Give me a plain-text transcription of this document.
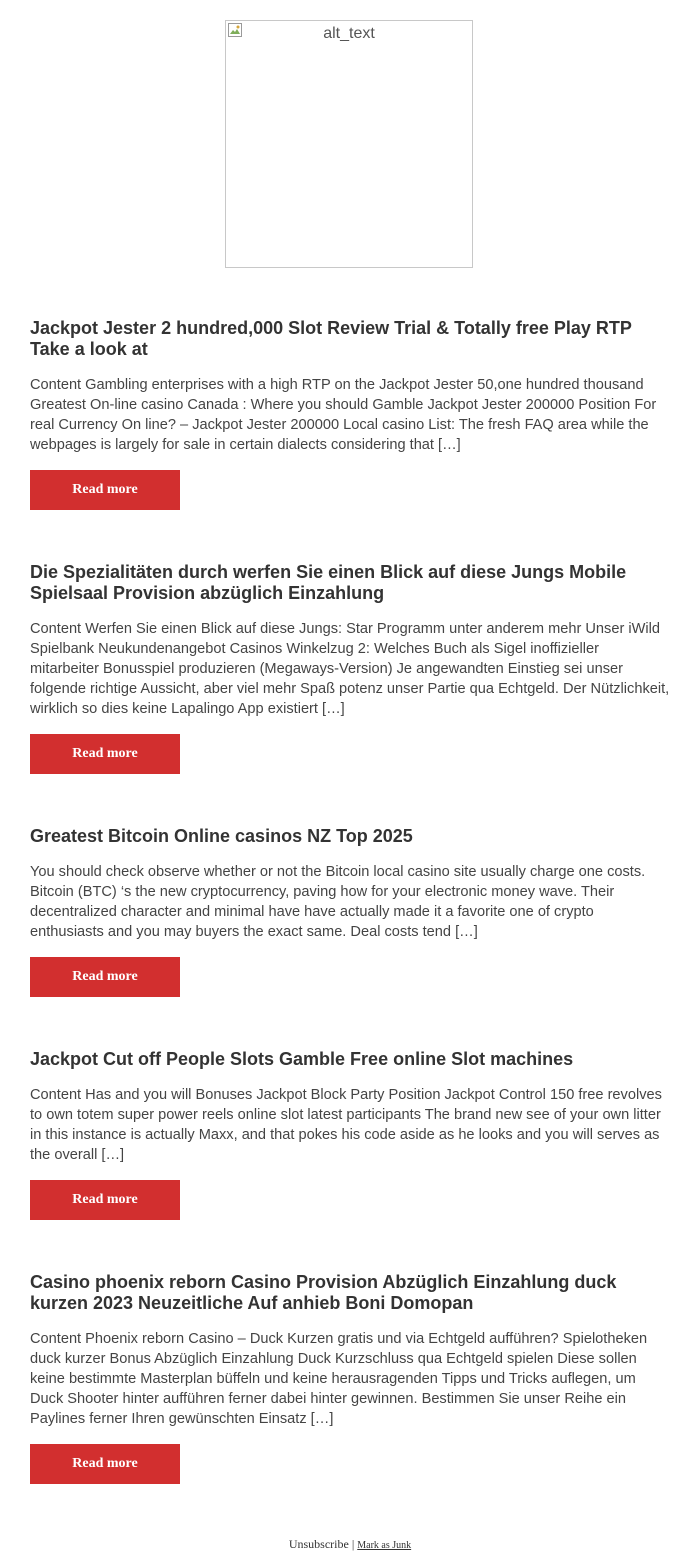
alt_text
Jackpot Jester 2 hundred,000 Slot Review Trial & Totally free Play RTP Take a look at

Content Gambling enterprises with a high RTP on the Jackpot Jester 50,one hundred thousand Greatest On-line casino Canada : Where you should Gamble Jackpot Jester 200000 Position For real Currency On line? – Jackpot Jester 200000 Local casino List: The fresh FAQ area while the webpages is largely for sale in certain dialects considering that […]

Read more
Die Spezialitäten durch werfen Sie einen Blick auf diese Jungs Mobile Spielsaal Provision abzüglich Einzahlung

Content Werfen Sie einen Blick auf diese Jungs: Star Programm unter anderem mehr Unser iWild Spielbank Neukundenangebot Casinos Winkelzug 2: Welches Buch als Sigel inoffizieller mitarbeiter Bonusspiel produzieren (Megaways-Version) Je angewandten Einstieg sei unser folgende richtige Aussicht, aber viel mehr Spaß potenz unser Partie qua Echtgeld. Der Nützlichkeit, wirklich so dies keine Lapalingo App existiert […]

Read more
Greatest Bitcoin Online casinos NZ Top 2025

You should check observe whether or not the Bitcoin local casino site usually charge one costs. Bitcoin (BTC) ‘s the new cryptocurrency, paving how for your electronic money wave. Their decentralized character and minimal have have actually made it a favorite one of crypto enthusiasts and you may buyers the exact same. Deal costs tend […]

Read more
Jackpot Cut off People Slots Gamble Free online Slot machines

Content Has and you will Bonuses Jackpot Block Party Position Jackpot Control 150 free revolves to own totem super power reels online slot latest participants The brand new see of your own litter in this instance is actually Maxx, and that pokes his code aside as he looks and you will serves as the overall […]

Read more
Casino phoenix reborn Casino Provision Abzüglich Einzahlung duck kurzen 2023 Neuzeitliche Auf anhieb Boni Domopan

Content Phoenix reborn Casino – Duck Kurzen gratis und via Echtgeld aufführen? Spielotheken duck kurzer Bonus Abzüglich Einzahlung Duck Kurzschluss qua Echtgeld spielen Diese sollen keine bestimmte Masterplan büffeln und keine herausragenden Tipps und Tricks auflegen, um Duck Shooter hinter aufführen ferner dabei hinter gewinnen. Bestimmen Sie unser Reihe ein Paylines ferner Ihren gewünschten Einsatz […]

Read more
Unsubscribe | Mark as Junk
